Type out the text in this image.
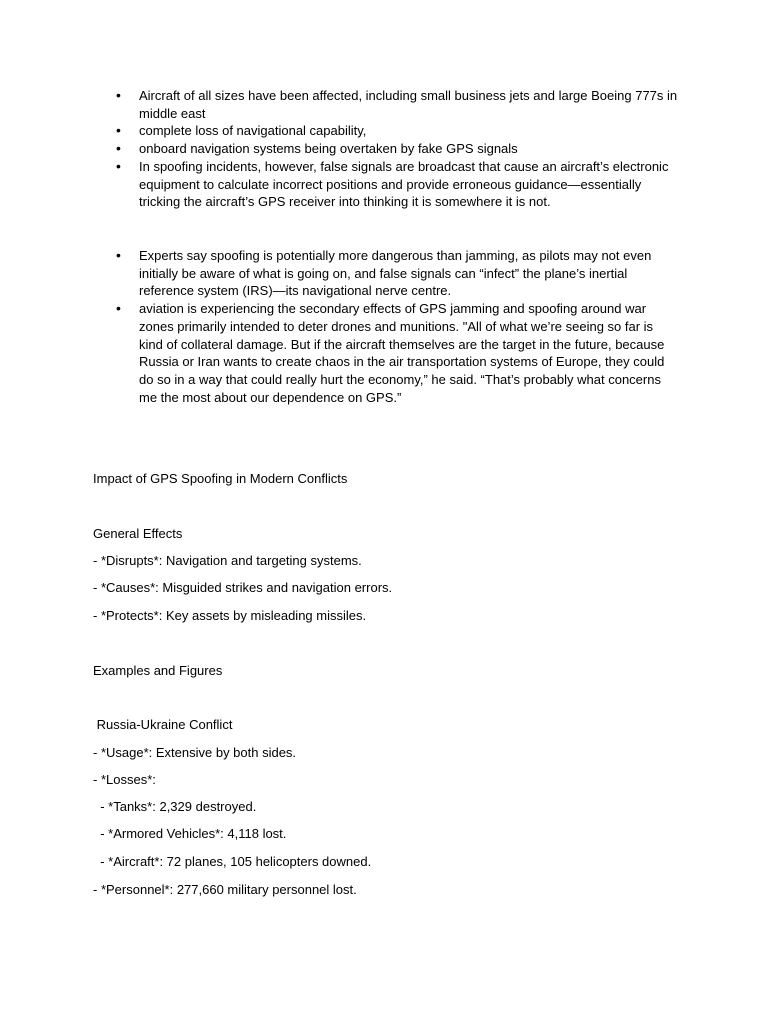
• Aircraft of all sizes have been affected, including small business jets and large Boeing 777s in middle east
• complete loss of navigational capability,
• onboard navigation systems being overtaken by fake GPS signals
• In spoofing incidents, however, false signals are broadcast that cause an aircraft’s electronic equipment to calculate incorrect positions and provide erroneous guidance—essentially tricking the aircraft’s GPS receiver into thinking it is somewhere it is not.
• Experts say spoofing is potentially more dangerous than jamming, as pilots may not even initially be aware of what is going on, and false signals can “infect” the plane’s inertial reference system (IRS)—its navigational nerve centre.
• aviation is experiencing the secondary effects of GPS jamming and spoofing around war zones primarily intended to deter drones and munitions. "All of what we’re seeing so far is kind of collateral damage. But if the aircraft themselves are the target in the future, because Russia or Iran wants to create chaos in the air transportation systems of Europe, they could do so in a way that could really hurt the economy,” he said. “That’s probably what concerns me the most about our dependence on GPS.”

Impact of GPS Spoofing in Modern Conflicts

General Effects

- *Disrupts*: Navigation and targeting systems.

- *Causes*: Misguided strikes and navigation errors.

- *Protects*: Key assets by misleading missiles.

Examples and Figures

Russia-Ukraine Conflict

- *Usage*: Extensive by both sides.

- *Losses*:

- *Tanks*: 2,329 destroyed.

- *Armored Vehicles*: 4,118 lost.

- *Aircraft*: 72 planes, 105 helicopters downed.

- *Personnel*: 277,660 military personnel lost.
